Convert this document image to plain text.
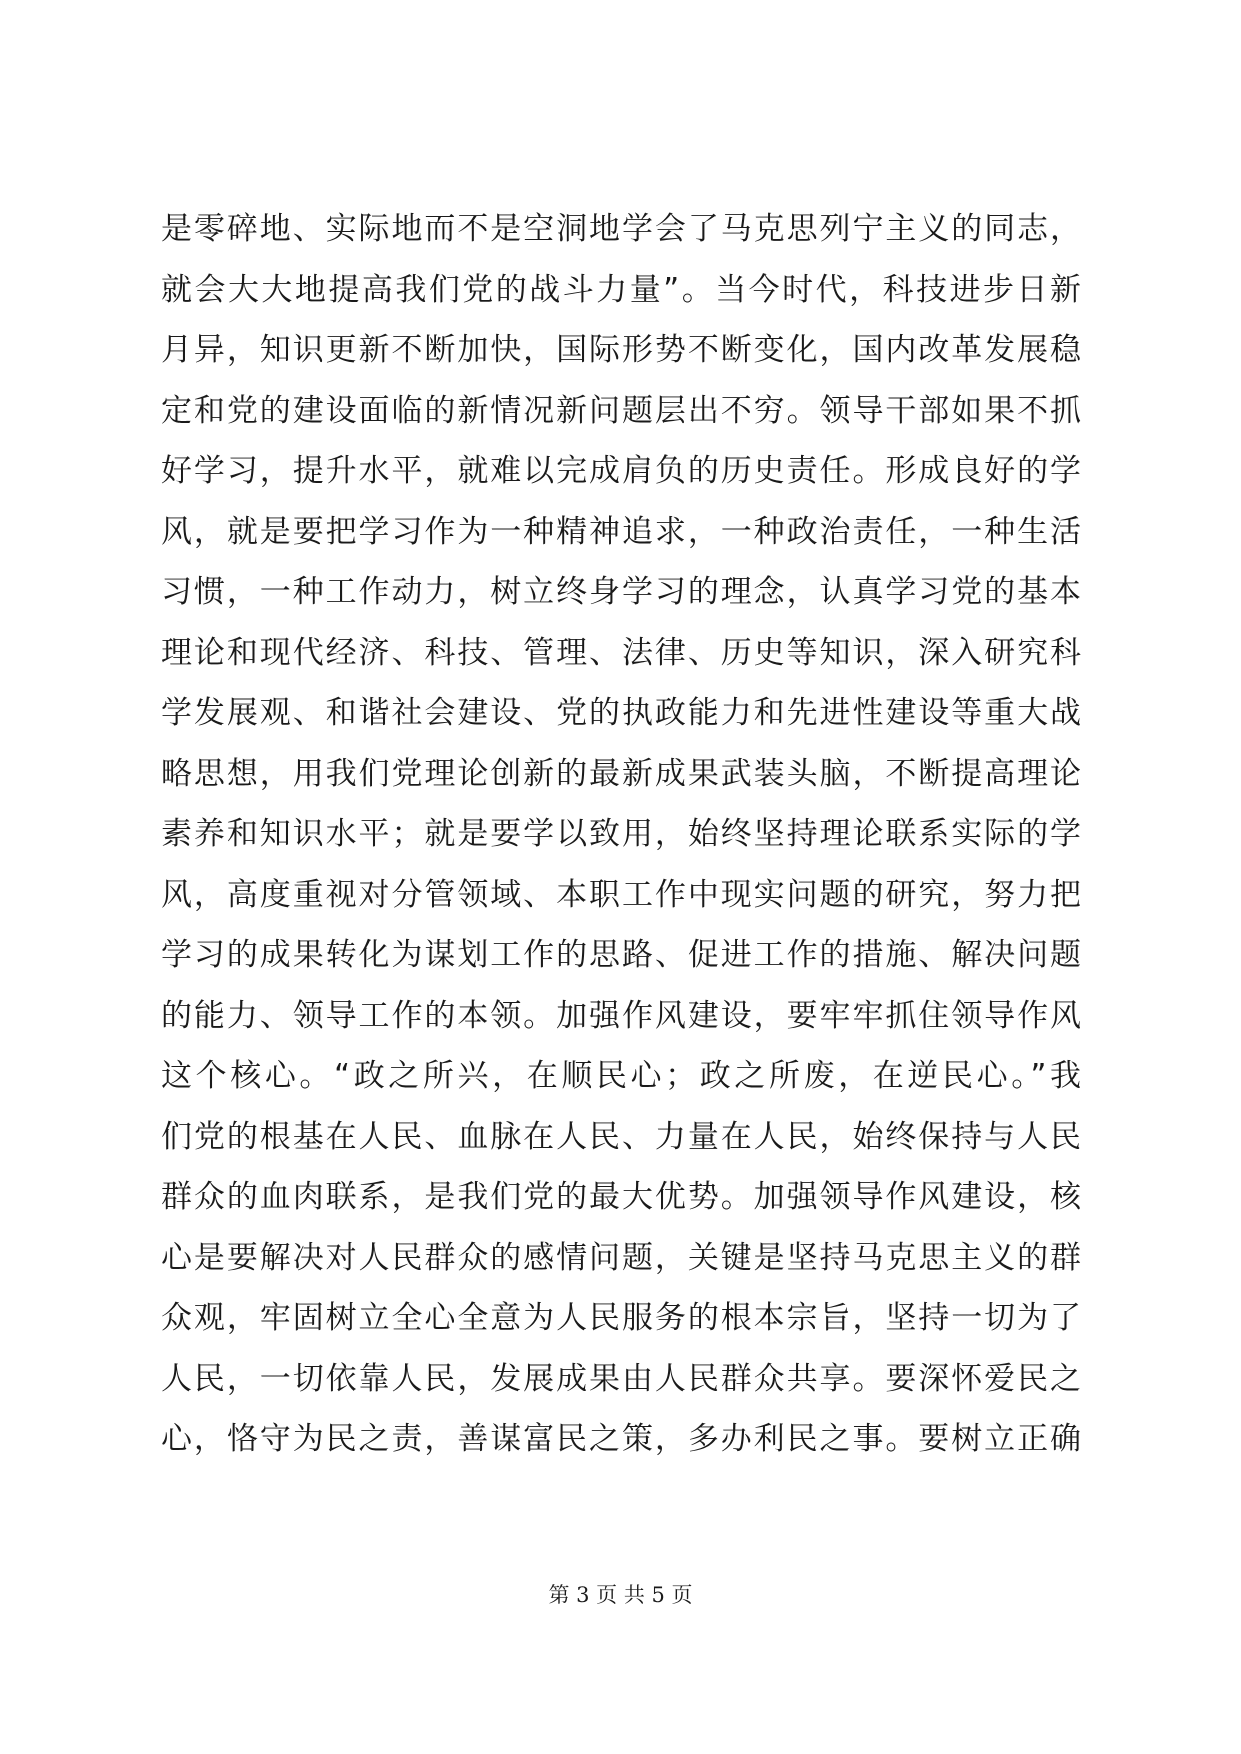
是零碎地、实际地而不是空洞地学会了马克思列宁主义的同志，
就会大大地提高我们党的战斗力量”。当今时代，科技进步日新
月异，知识更新不断加快，国际形势不断变化，国内改革发展稳
定和党的建设面临的新情况新问题层出不穷。领导干部如果不抓
好学习，提升水平，就难以完成肩负的历史责任。形成良好的学
风，就是要把学习作为一种精神追求，一种政治责任，一种生活
习惯，一种工作动力，树立终身学习的理念，认真学习党的基本
理论和现代经济、科技、管理、法律、历史等知识，深入研究科
学发展观、和谐社会建设、党的执政能力和先进性建设等重大战
略思想，用我们党理论创新的最新成果武装头脑，不断提高理论
素养和知识水平；就是要学以致用，始终坚持理论联系实际的学
风，高度重视对分管领域、本职工作中现实问题的研究，努力把
学习的成果转化为谋划工作的思路、促进工作的措施、解决问题
的能力、领导工作的本领。加强作风建设，要牢牢抓住领导作风
这个核心。“政之所兴，在顺民心；政之所废，在逆民心。”我
们党的根基在人民、血脉在人民、力量在人民，始终保持与人民
群众的血肉联系，是我们党的最大优势。加强领导作风建设，核
心是要解决对人民群众的感情问题，关键是坚持马克思主义的群
众观，牢固树立全心全意为人民服务的根本宗旨，坚持一切为了
人民，一切依靠人民，发展成果由人民群众共享。要深怀爱民之
心，恪守为民之责，善谋富民之策，多办利民之事。要树立正确
第 3 页 共 5 页
